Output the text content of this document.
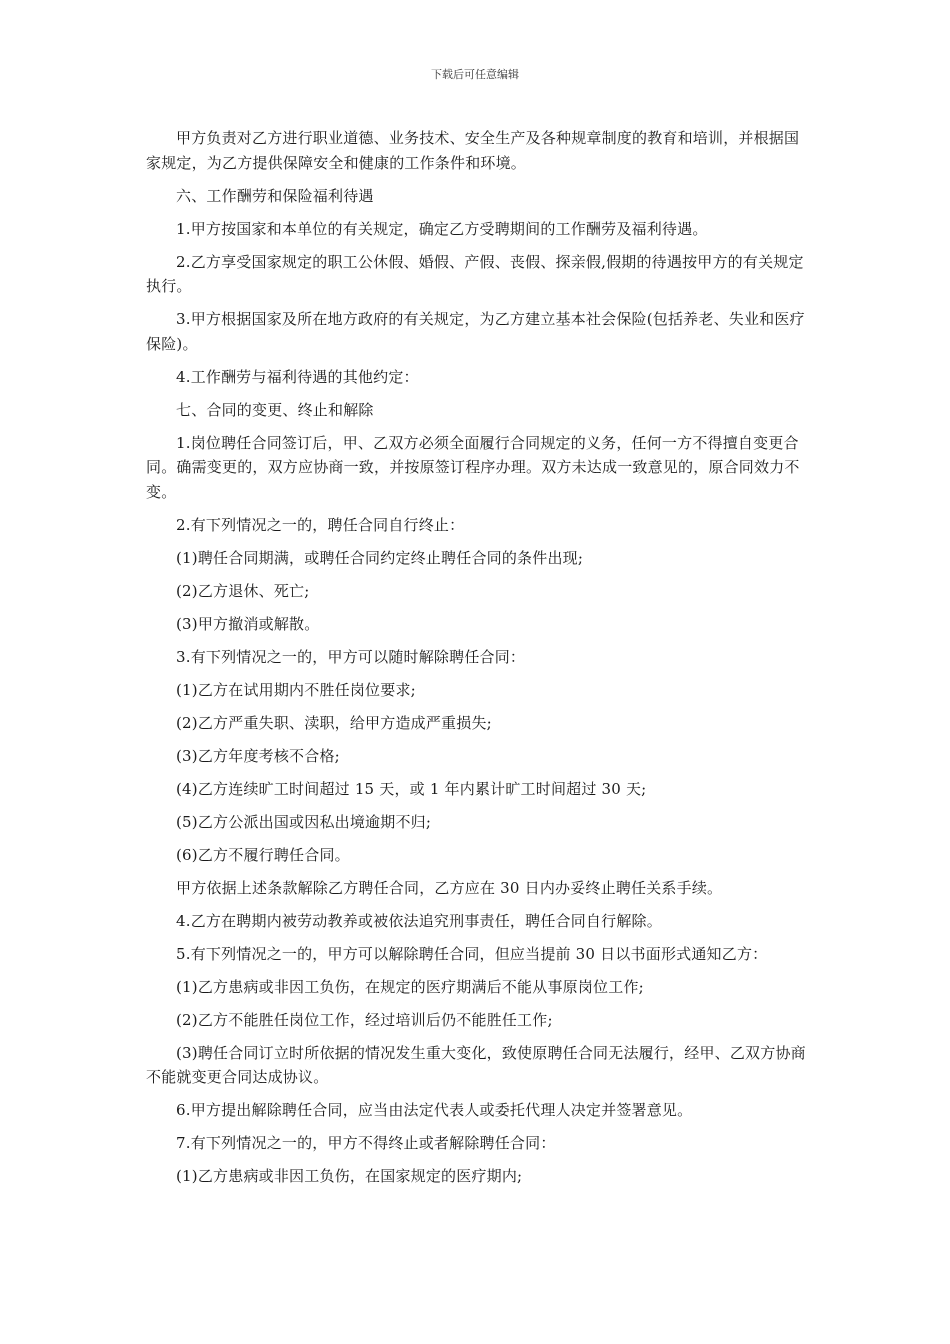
下载后可任意编辑

甲方负责对乙方进行职业道德、业务技术、安全生产及各种规章制度的教育和培训，并根据国家规定，为乙方提供保障安全和健康的工作条件和环境。

六、工作酬劳和保险福利待遇

1.甲方按国家和本单位的有关规定，确定乙方受聘期间的工作酬劳及福利待遇。

2.乙方享受国家规定的职工公休假、婚假、产假、丧假、探亲假,假期的待遇按甲方的有关规定执行。

3.甲方根据国家及所在地方政府的有关规定，为乙方建立基本社会保险(包括养老、失业和医疗保险)。

4.工作酬劳与福利待遇的其他约定：

七、合同的变更、终止和解除

1.岗位聘任合同签订后，甲、乙双方必须全面履行合同规定的义务，任何一方不得擅自变更合同。确需变更的，双方应协商一致，并按原签订程序办理。双方未达成一致意见的，原合同效力不变。

2.有下列情况之一的，聘任合同自行终止：

(1)聘任合同期满，或聘任合同约定终止聘任合同的条件出现;

(2)乙方退休、死亡;

(3)甲方撤消或解散。

3.有下列情况之一的，甲方可以随时解除聘任合同：

(1)乙方在试用期内不胜任岗位要求;

(2)乙方严重失职、渎职，给甲方造成严重损失;

(3)乙方年度考核不合格;

(4)乙方连续旷工时间超过 15 天，或 1 年内累计旷工时间超过 30 天;

(5)乙方公派出国或因私出境逾期不归;

(6)乙方不履行聘任合同。

甲方依据上述条款解除乙方聘任合同，乙方应在 30 日内办妥终止聘任关系手续。

4.乙方在聘期内被劳动教养或被依法追究刑事责任，聘任合同自行解除。

5.有下列情况之一的，甲方可以解除聘任合同，但应当提前 30 日以书面形式通知乙方：

(1)乙方患病或非因工负伤，在规定的医疗期满后不能从事原岗位工作;

(2)乙方不能胜任岗位工作，经过培训后仍不能胜任工作;

(3)聘任合同订立时所依据的情况发生重大变化，致使原聘任合同无法履行，经甲、乙双方协商不能就变更合同达成协议。

6.甲方提出解除聘任合同，应当由法定代表人或委托代理人决定并签署意见。

7.有下列情况之一的，甲方不得终止或者解除聘任合同：

(1)乙方患病或非因工负伤，在国家规定的医疗期内;
